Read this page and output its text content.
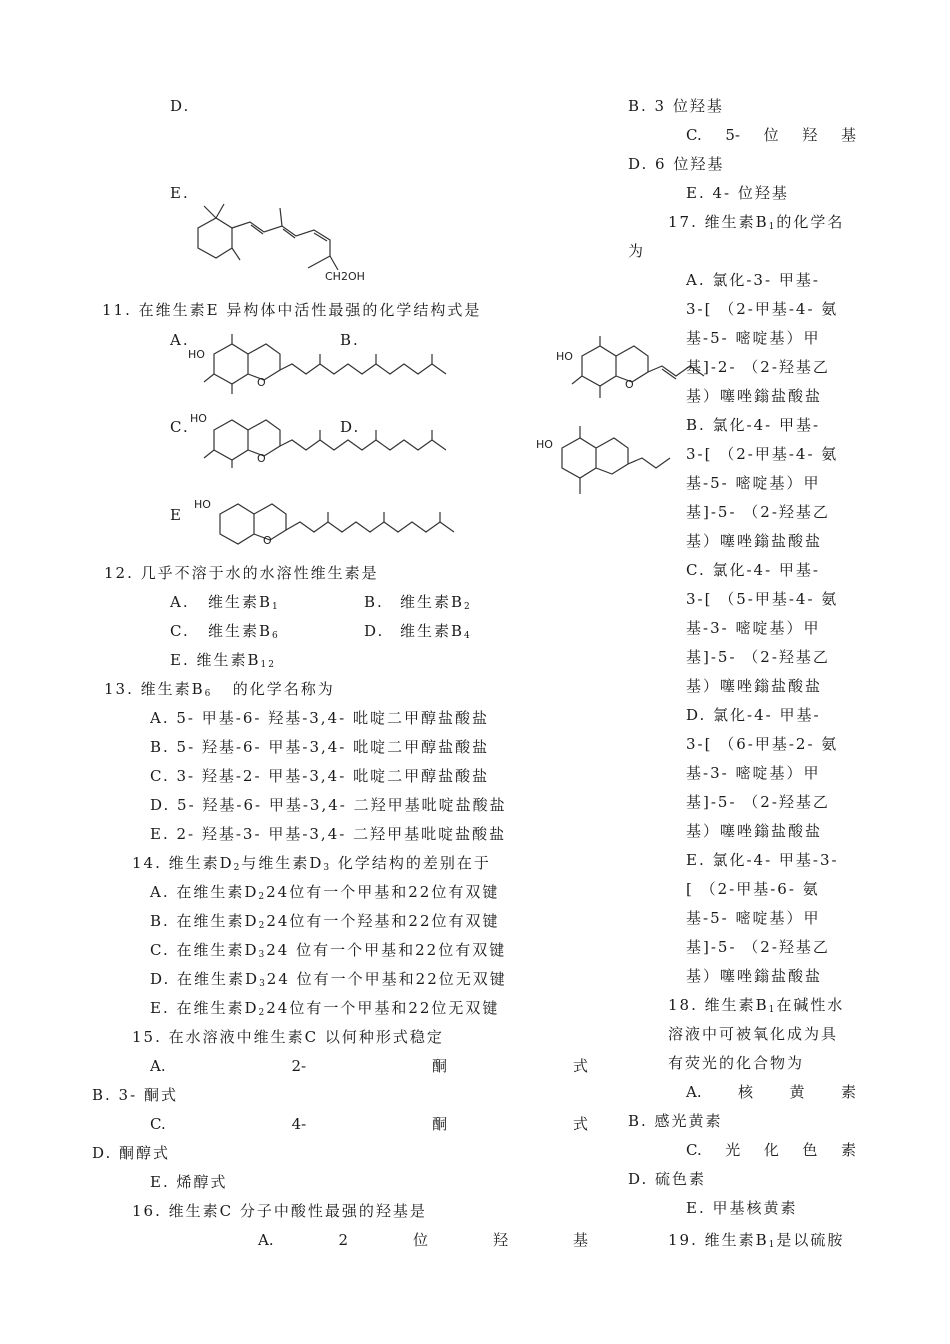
D.
E.
CH2OH
11. 在维生素E 异构体中活性最强的化学结构式是
A.	B.
HO
O
C.	D.
HO
O
E
HO
O
12. 几乎不溶于水的水溶性维生素是
A. 维生素$B_1$	B. 维生素$B_2$
C. 维生素$B_6$	D. 维生素$B_4$
E. 维生素$B_{12}$
13. 维生素$B_6$ 的化学名称为
A. 5- 甲基-6- 羟基-3,4- 吡啶二甲醇盐酸盐
B. 5- 羟基-6- 甲基-3,4- 吡啶二甲醇盐酸盐
C. 3- 羟基-2- 甲基-3,4- 吡啶二甲醇盐酸盐
D. 5- 羟基-6- 甲基-3,4- 二羟甲基吡啶盐酸盐
E. 2- 羟基-3- 甲基-3,4- 二羟甲基吡啶盐酸盐
14. 维生素$D_2$与维生素$D_3$ 化学结构的差别在于
A. 在维生素$D_224$位有一个甲基和22位有双键
B. 在维生素$D_224$位有一个羟基和22位有双键
C. 在维生素$D_324$ 位有一个甲基和22位有双键
D. 在维生素$D_324$ 位有一个甲基和22位无双键
E. 在维生素$D_224$位有一个甲基和22位无双键
15. 在水溶液中维生素C 以何种形式稳定
A.	2-	酮	式
B. 3- 酮式
C.	4-	酮	式
D. 酮醇式
E. 烯醇式
16. 维生素C 分子中酸性最强的羟基是
A.	2	位	羟	基
HO
O
HO
B. 3 位羟基
C. 5- 位 羟 基
D. 6 位羟基
E. 4- 位羟基
17. 维生素$B_1$的化学名
为
A. 氯化-3- 甲基-
3-[ （2-甲基-4- 氨
基-5- 嘧啶基）甲
基]-2- （2-羟基乙
基）噻唑鎓盐酸盐
B. 氯化-4- 甲基-
3-[ （2-甲基-4- 氨
基-5- 嘧啶基）甲
基]-5- （2-羟基乙
基）噻唑鎓盐酸盐
C. 氯化-4- 甲基-
3-[ （5-甲基-4- 氨
基-3- 嘧啶基）甲
基]-5- （2-羟基乙
基）噻唑鎓盐酸盐
D. 氯化-4- 甲基-
3-[ （6-甲基-2- 氨
基-3- 嘧啶基）甲
基]-5- （2-羟基乙
基）噻唑鎓盐酸盐
E. 氯化-4- 甲基-3-
[ （2-甲基-6- 氨
基-5- 嘧啶基）甲
基]-5- （2-羟基乙
基）噻唑鎓盐酸盐
18. 维生素$B_1$在碱性水
溶液中可被氧化成为具
有荧光的化合物为
A. 核 黄 素
B. 感光黄素
C. 光 化 色 素
D. 硫色素
E. 甲基核黄素
19. 维生素$B_1$是以硫胺
